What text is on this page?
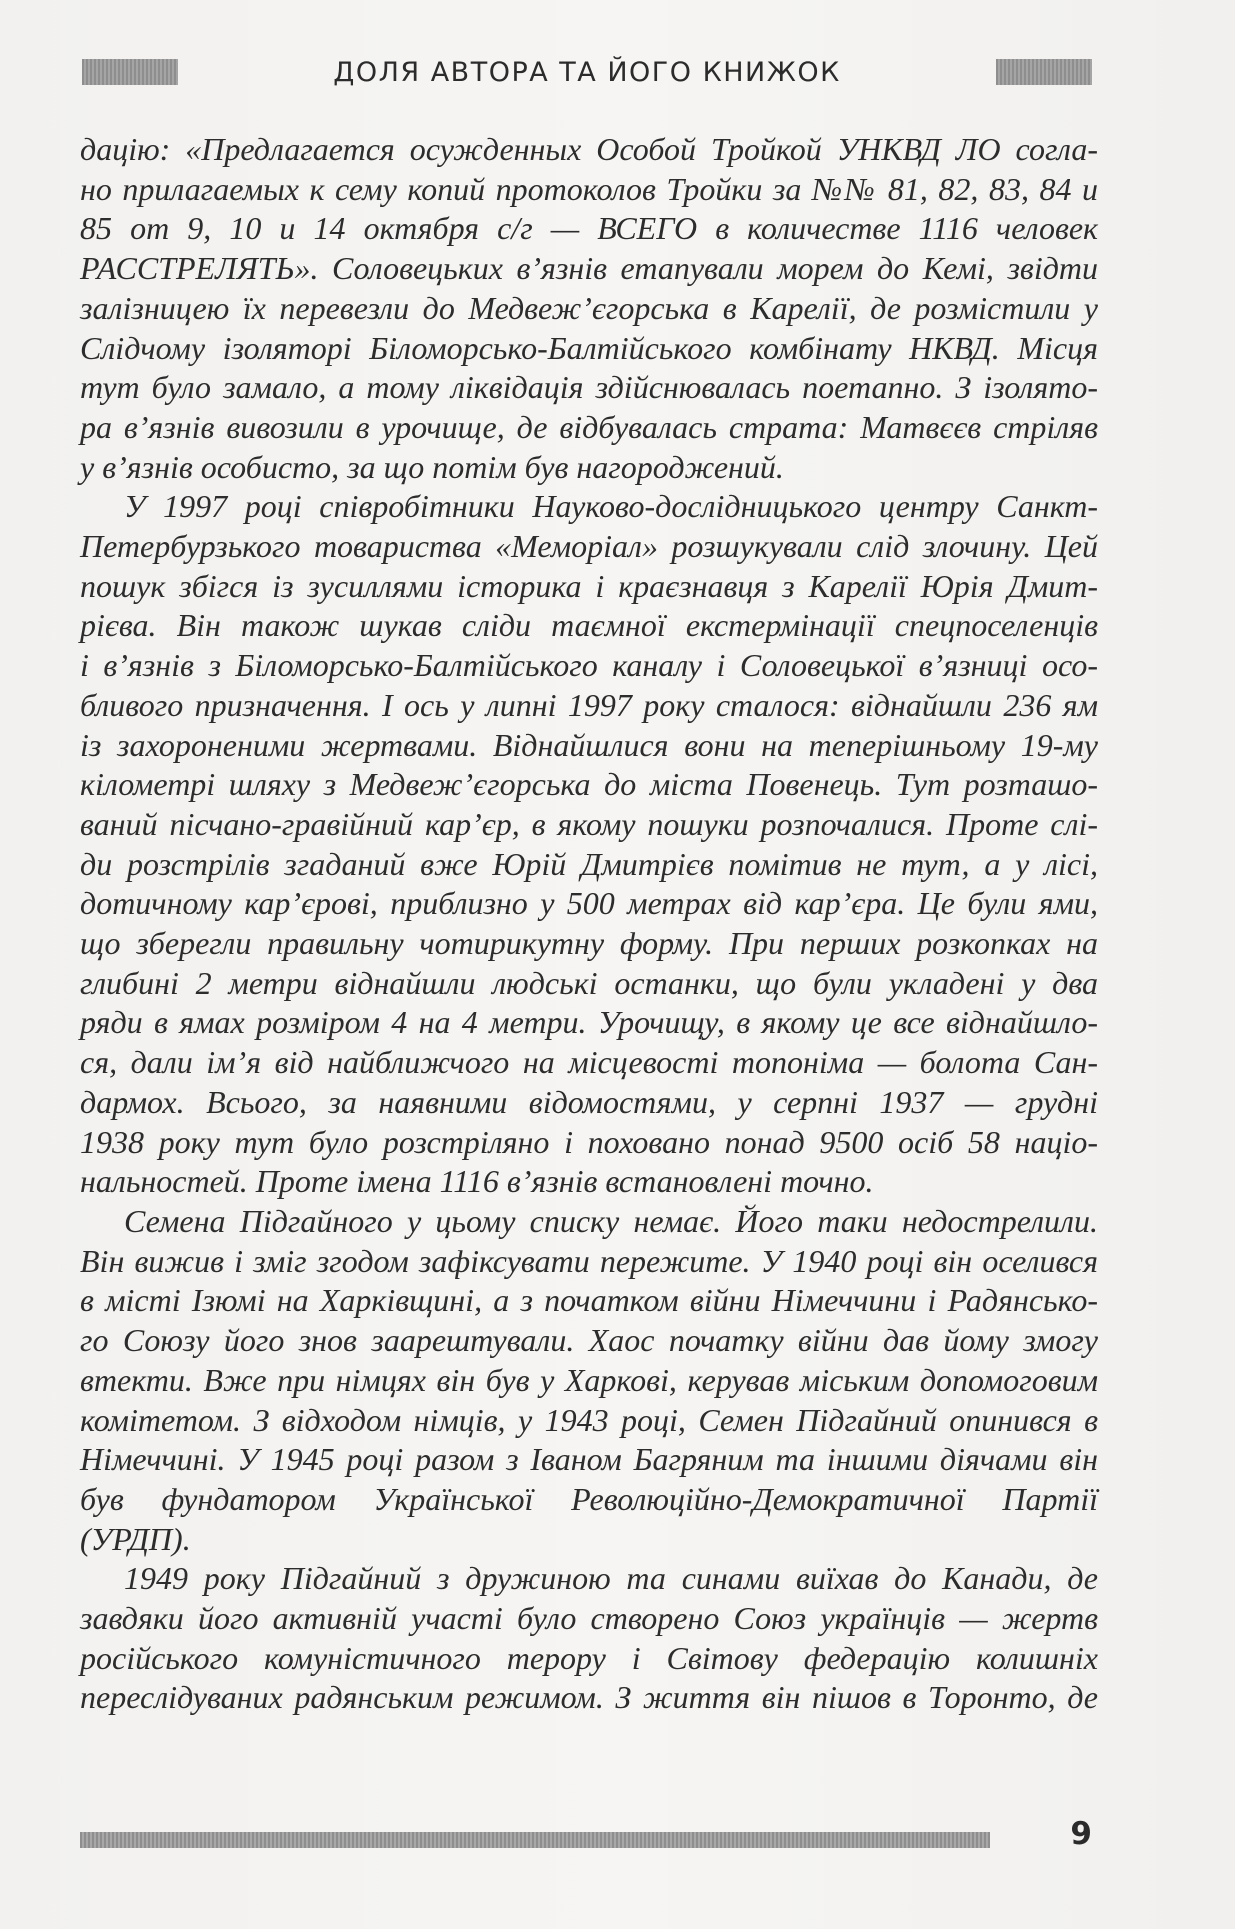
ДОЛЯ АВТОРА ТА ЙОГО КНИЖОК
дацію: «Предлагается осужденных Особой Тройкой УНКВД ЛО согла-
но прилагаемых к сему копий протоколов Тройки за №№ 81, 82, 83, 84 и
85 от 9, 10 и 14 октября с/г — ВСЕГО в количестве 1116 человек
РАССТРЕЛЯТЬ». Соловецьких в’язнів етапували морем до Кемі, звідти
залізницею їх перевезли до Медвеж’єгорська в Карелії, де розмістили у
Слідчому ізоляторі Біломорсько-Балтійського комбінату НКВД. Місця
тут було замало, а тому ліквідація здійснювалась поетапно. З ізолято-
ра в’язнів вивозили в урочище, де відбувалась страта: Матвєєв стріляв
у в’язнів особисто, за що потім був нагороджений.
У 1997 році співробітники Науково-дослідницького центру Санкт-
Петербурзького товариства «Меморіал» розшукували слід злочину. Цей
пошук збігся із зусиллями історика і краєзнавця з Карелії Юрія Дмит-
рієва. Він також шукав сліди таємної екстермінації спецпоселенців
і в’язнів з Біломорсько-Балтійського каналу і Соловецької в’язниці осо-
бливого призначення. І ось у липні 1997 року сталося: віднайшли 236 ям
із захороненими жертвами. Віднайшлися вони на теперішньому 19-му
кілометрі шляху з Медвеж’єгорська до міста Повенець. Тут розташо-
ваний пісчано-гравійний кар’єр, в якому пошуки розпочалися. Проте слі-
ди розстрілів згаданий вже Юрій Дмитрієв помітив не тут, а у лісі,
дотичному кар’єрові, приблизно у 500 метрах від кар’єра. Це були ями,
що зберегли правильну чотирикутну форму. При перших розкопках на
глибині 2 метри віднайшли людські останки, що були укладені у два
ряди в ямах розміром 4 на 4 метри. Урочищу, в якому це все віднайшло-
ся, дали ім’я від найближчого на місцевості топоніма — болота Сан-
дармох. Всього, за наявними відомостями, у серпні 1937 — грудні
1938 року тут було розстріляно і поховано понад 9500 осіб 58 націо-
нальностей. Проте імена 1116 в’язнів встановлені точно.
Семена Підгайного у цьому списку немає. Його таки недострелили.
Він вижив і зміг згодом зафіксувати пережите. У 1940 році він оселився
в місті Ізюмі на Харківщині, а з початком війни Німеччини і Радянсько-
го Союзу його знов заарештували. Хаос початку війни дав йому змогу
втекти. Вже при німцях він був у Харкові, керував міським допомоговим
комітетом. З відходом німців, у 1943 році, Семен Підгайний опинився в
Німеччині. У 1945 році разом з Іваном Багряним та іншими діячами він
був фундатором Української Революційно-Демократичної Партії
(УРДП).
1949 року Підгайний з дружиною та синами виїхав до Канади, де
завдяки його активній участі було створено Союз українців — жертв
російського комуністичного терору і Світову федерацію колишніх
переслідуваних радянським режимом. З життя він пішов в Торонто, де
9
